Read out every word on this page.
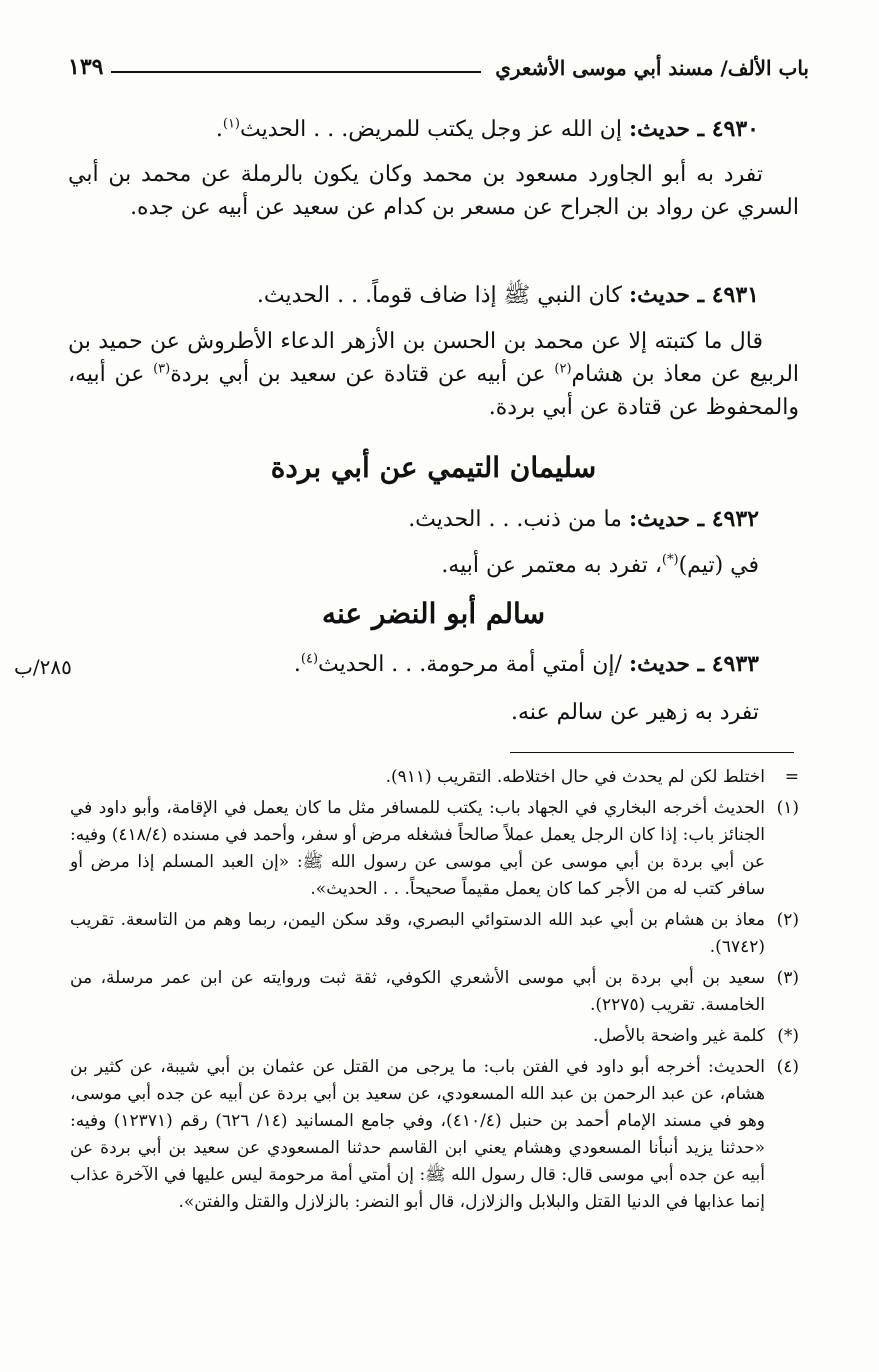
باب الألف/ مسند أبي موسى الأشعري
١٣٩
٤٩٣٠ ـ حديث: إن الله عز وجل يكتب للمريض. . . الحديث$^{(١)}$.
تفرد به أبو الجاورد مسعود بن محمد وكان يكون بالرملة عن محمد بن أبي السري عن رواد بن الجراح عن مسعر بن كدام عن سعيد عن أبيه عن جده.
٤٩٣١ ـ حديث: كان النبي ﷺ إذا ضاف قوماً. . . الحديث.
قال ما كتبته إلا عن محمد بن الحسن بن الأزهر الدعاء الأطروش عن حميد بن الربيع عن معاذ بن هشام$^{(٢)}$ عن أبيه عن قتادة عن سعيد بن أبي بردة$^{(٣)}$ عن أبيه، والمحفوظ عن قتادة عن أبي بردة.
سليمان التيمي عن أبي بردة
٤٩٣٢ ـ حديث: ما من ذنب. . . الحديث.
في (تيم)(*)، تفرد به معتمر عن أبيه.
سالم أبو النضر عنه
٤٩٣٣ ـ حديث: /إن أمتي أمة مرحومة. . . الحديث$^{(٤)}$.
تفرد به زهير عن سالم عنه.
٢٨٥/ب
=
اختلط لكن لم يحدث في حال اختلاطه. التقريب (٩١١).
(١)
الحديث أخرجه البخاري في الجهاد باب: يكتب للمسافر مثل ما كان يعمل في الإقامة، وأبو داود في الجنائز باب: إذا كان الرجل يعمل عملاً صالحاً فشغله مرض أو سفر، وأحمد في مسنده (٤١٨/٤) وفيه: عن أبي بردة بن أبي موسى عن أبي موسى عن رسول الله ﷺ: «إن العبد المسلم إذا مرض أو سافر كتب له من الأجر كما كان يعمل مقيماً صحيحاً. . . الحديث».
(٢)
معاذ بن هشام بن أبي عبد الله الدستوائي البصري، وقد سكن اليمن، ربما وهم من التاسعة. تقريب (٦٧٤٢).
(٣)
سعيد بن أبي بردة بن أبي موسى الأشعري الكوفي، ثقة ثبت وروايته عن ابن عمر مرسلة، من الخامسة. تقريب (٢٢٧٥).
(*)
كلمة غير واضحة بالأصل.
(٤)
الحديث: أخرجه أبو داود في الفتن باب: ما يرجى من القتل عن عثمان بن أبي شيبة، عن كثير بن هشام، عن عبد الرحمن بن عبد الله المسعودي، عن سعيد بن أبي بردة عن أبيه عن جده أبي موسى، وهو في مسند الإمام أحمد بن حنبل (٤١٠/٤)، وفي جامع المسانيد (١٤/ ٦٢٦) رقم (١٢٣٧١) وفيه: «حدثنا يزيد أنبأنا المسعودي وهشام يعني ابن القاسم حدثنا المسعودي عن سعيد بن أبي بردة عن أبيه عن جده أبي موسى قال: قال رسول الله ﷺ: إن أمتي أمة مرحومة ليس عليها في الآخرة عذاب إنما عذابها في الدنيا القتل والبلابل والزلازل، قال أبو النضر: بالزلازل والقتل والفتن».
